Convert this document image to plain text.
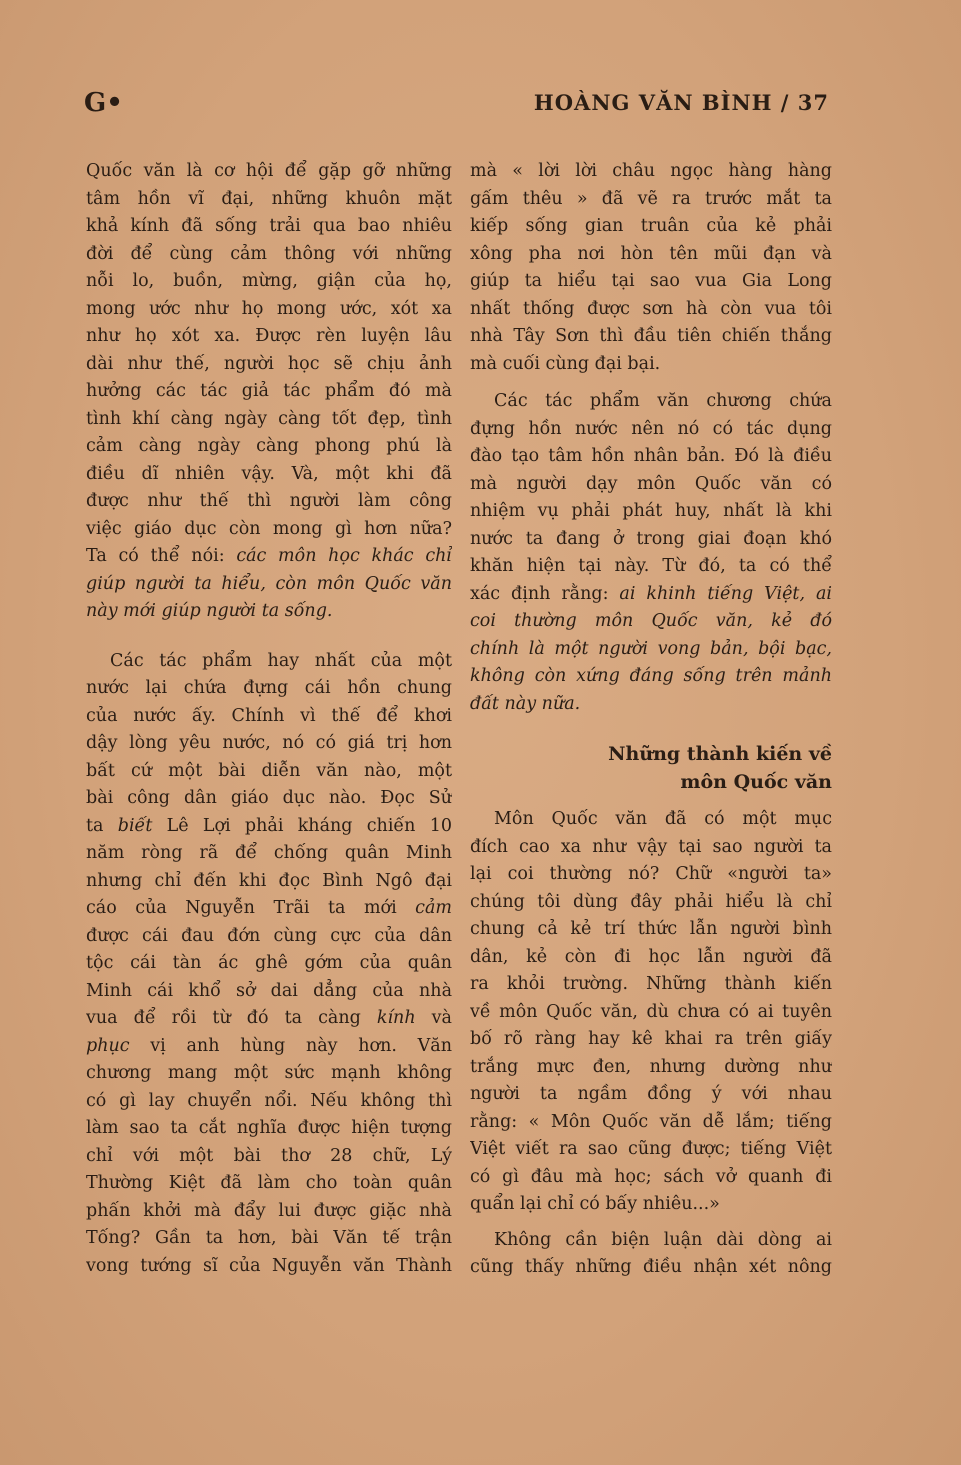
G•	HOÀNG VĂN BÌNH / 37
Quốc văn là cơ hội để gặp gỡ những
tâm hồn vĩ đại, những khuôn mặt
khả kính đã sống trải qua bao nhiêu
đời để cùng cảm thông với những
nỗi lo, buồn, mừng, giận của họ,
mong ước như họ mong ước, xót xa
như họ xót xa. Được rèn luyện lâu
dài như thế, người học sẽ chịu ảnh
hưởng các tác giả tác phẩm đó mà
tình khí càng ngày càng tốt đẹp, tình
cảm càng ngày càng phong phú là
điều dĩ nhiên vậy. Và, một khi đã
được như thế thì người làm công
việc giáo dục còn mong gì hơn nữa?
Ta có thể nói: các môn học khác chỉ
giúp người ta hiểu, còn môn Quốc văn
này mới giúp người ta sống.
Các tác phẩm hay nhất của một
nước lại chứa đựng cái hồn chung
của nước ấy. Chính vì thế để khơi
dậy lòng yêu nước, nó có giá trị hơn
bất cứ một bài diễn văn nào, một
bài công dân giáo dục nào. Đọc Sử
ta biết Lê Lợi phải kháng chiến 10
năm ròng rã để chống quân Minh
nhưng chỉ đến khi đọc Bình Ngô đại
cáo của Nguyễn Trãi ta mới cảm
được cái đau đớn cùng cực của dân
tộc cái tàn ác ghê gớm của quân
Minh cái khổ sở dai dẳng của nhà
vua để rồi từ đó ta càng kính và
phục vị anh hùng này hơn. Văn
chương mang một sức mạnh không
có gì lay chuyển nổi. Nếu không thì
làm sao ta cắt nghĩa được hiện tượng
chỉ với một bài thơ 28 chữ, Lý
Thường Kiệt đã làm cho toàn quân
phấn khởi mà đẩy lui được giặc nhà
Tống? Gần ta hơn, bài Văn tế trận
vong tướng sĩ của Nguyễn văn Thành
mà « lời lời châu ngọc hàng hàng
gấm thêu » đã vẽ ra trước mắt ta
kiếp sống gian truân của kẻ phải
xông pha nơi hòn tên mũi đạn và
giúp ta hiểu tại sao vua Gia Long
nhất thống được sơn hà còn vua tôi
nhà Tây Sơn thì đầu tiên chiến thắng
mà cuối cùng đại bại.
Các tác phẩm văn chương chứa
đựng hồn nước nên nó có tác dụng
đào tạo tâm hồn nhân bản. Đó là điều
mà người dạy môn Quốc văn có
nhiệm vụ phải phát huy, nhất là khi
nước ta đang ở trong giai đoạn khó
khăn hiện tại này. Từ đó, ta có thể
xác định rằng: ai khinh tiếng Việt, ai
coi thường môn Quốc văn, kẻ đó
chính là một người vong bản, bội bạc,
không còn xứng đáng sống trên mảnh
đất này nữa.
Những thành kiến về
môn Quốc văn
Môn Quốc văn đã có một mục
đích cao xa như vậy tại sao người ta
lại coi thường nó? Chữ «người ta»
chúng tôi dùng đây phải hiểu là chỉ
chung cả kẻ trí thức lẫn người bình
dân, kẻ còn đi học lẫn người đã
ra khỏi trường. Những thành kiến
về môn Quốc văn, dù chưa có ai tuyên
bố rõ ràng hay kê khai ra trên giấy
trắng mực đen, nhưng dường như
người ta ngầm đồng ý với nhau
rằng: « Môn Quốc văn dễ lắm; tiếng
Việt viết ra sao cũng được; tiếng Việt
có gì đâu mà học; sách vở quanh đi
quẩn lại chỉ có bấy nhiêu...»
Không cần biện luận dài dòng ai
cũng thấy những điều nhận xét nông
